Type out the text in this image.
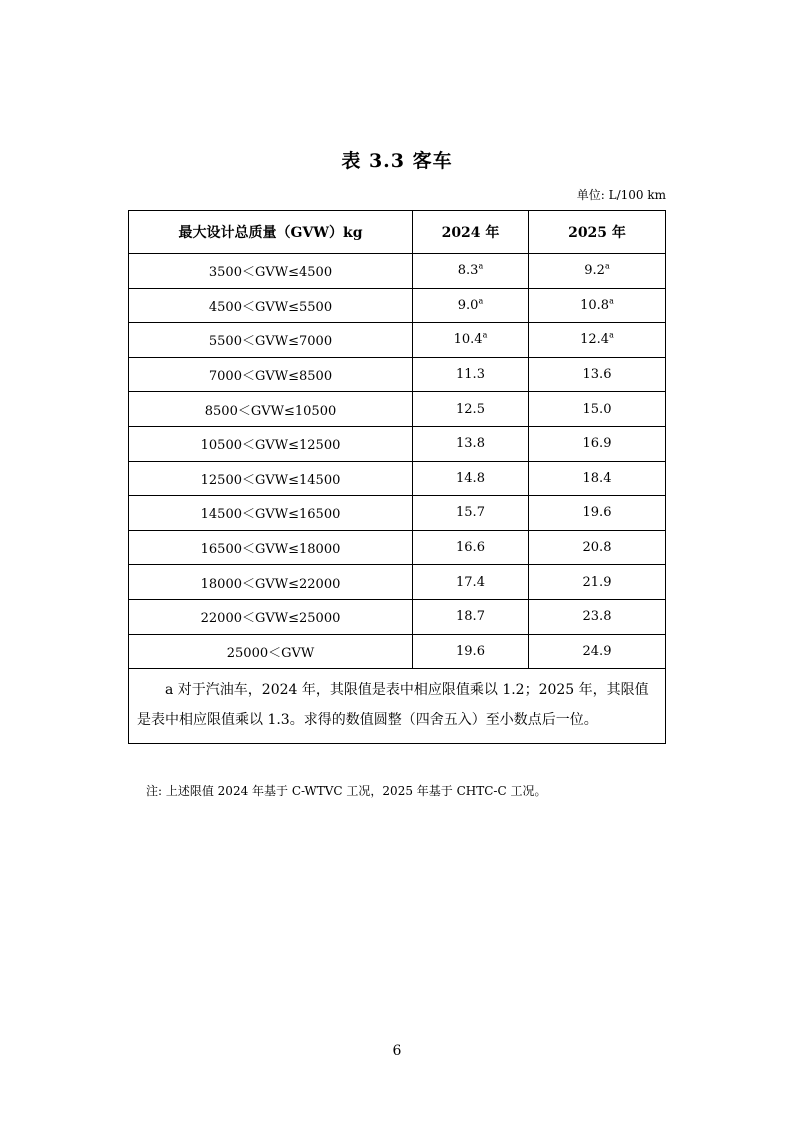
表 3.3 客车
单位: L/100 km
最大设计总质量（GVW）kg	2024 年	2025 年
3500＜GVW≤4500	8.3$^a$	9.2$^a$
4500＜GVW≤5500	9.0$^a$	10.8$^a$
5500＜GVW≤7000	10.4$^a$	12.4$^a$
7000＜GVW≤8500	11.3	13.6
8500＜GVW≤10500	12.5	15.0
10500＜GVW≤12500	13.8	16.9
12500＜GVW≤14500	14.8	18.4
14500＜GVW≤16500	15.7	19.6
16500＜GVW≤18000	16.6	20.8
18000＜GVW≤22000	17.4	21.9
22000＜GVW≤25000	18.7	23.8
25000＜GVW	19.6	24.9
a 对于汽油车，2024 年，其限值是表中相应限值乘以 1.2；2025 年，其限值是表中相应限值乘以 1.3。求得的数值圆整（四舍五入）至小数点后一位。		
注: 上述限值 2024 年基于 C-WTVC 工况，2025 年基于 CHTC-C 工况。
6
